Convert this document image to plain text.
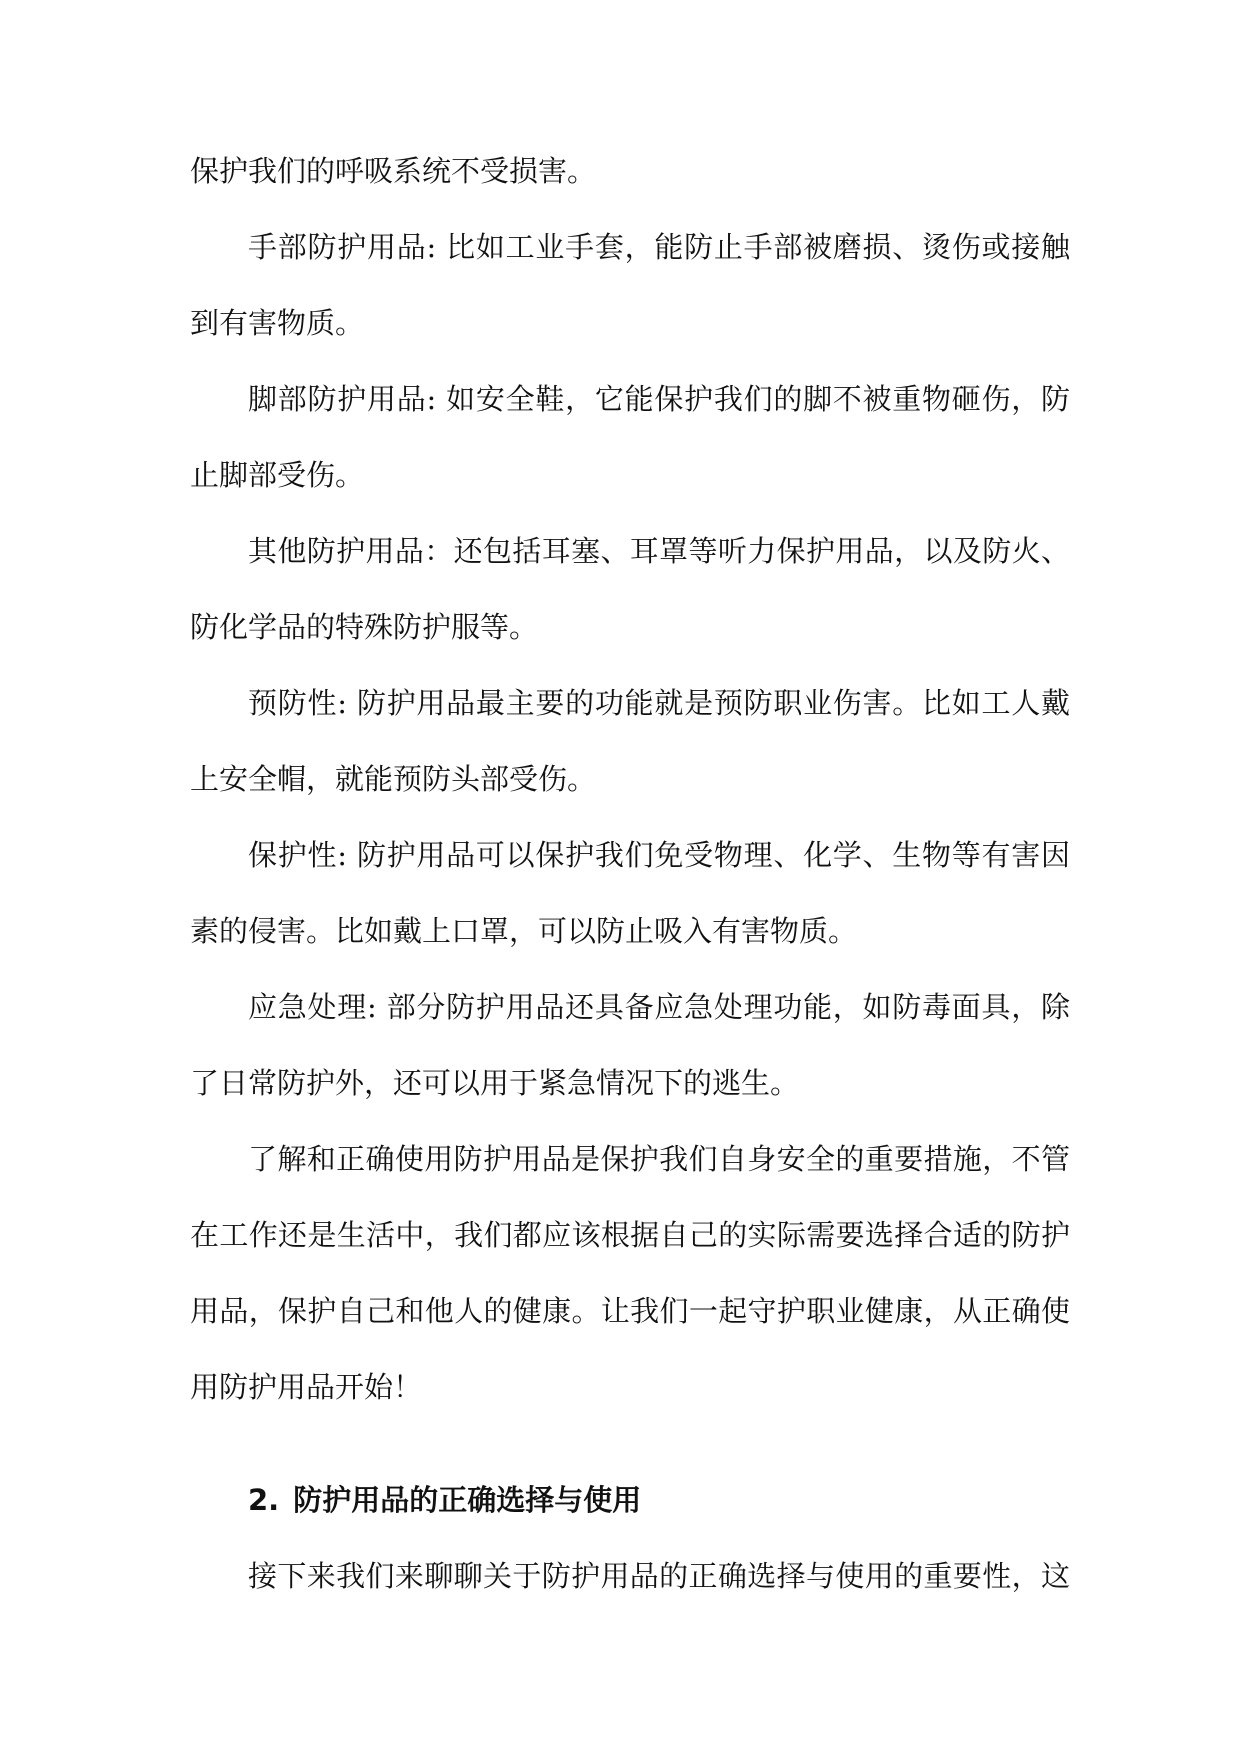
保护我们的呼吸系统不受损害。
手部防护用品: 比如工业手套，能防止手部被磨损、烫伤或接触
到有害物质。
脚部防护用品: 如安全鞋，它能保护我们的脚不被重物砸伤，防
止脚部受伤。
其他防护用品：还包括耳塞、耳罩等听力保护用品，以及防火、
防化学品的特殊防护服等。
预防性: 防护用品最主要的功能就是预防职业伤害。比如工人戴
上安全帽，就能预防头部受伤。
保护性: 防护用品可以保护我们免受物理、化学、生物等有害因
素的侵害。比如戴上口罩，可以防止吸入有害物质。
应急处理: 部分防护用品还具备应急处理功能，如防毒面具，除
了日常防护外，还可以用于紧急情况下的逃生。
了解和正确使用防护用品是保护我们自身安全的重要措施，不管
在工作还是生活中，我们都应该根据自己的实际需要选择合适的防护
用品，保护自己和他人的健康。让我们一起守护职业健康，从正确使
用防护用品开始！
2. 防护用品的正确选择与使用
接下来我们来聊聊关于防护用品的正确选择与使用的重要性，这
